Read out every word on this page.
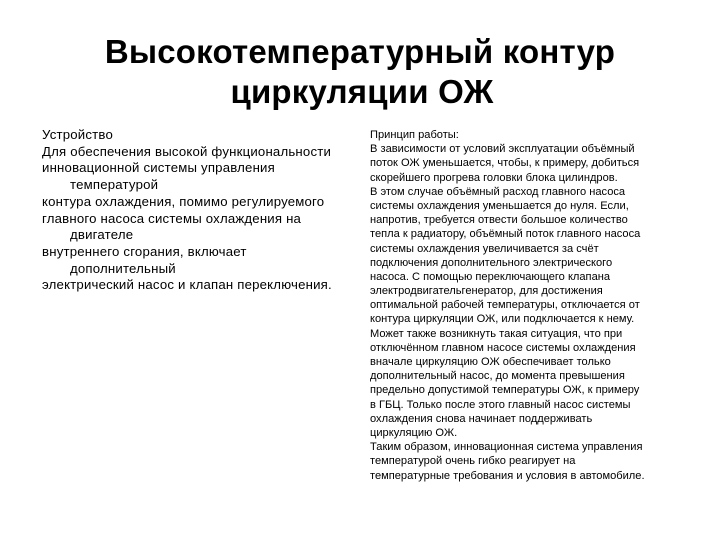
Высокотемпературный контур
циркуляции ОЖ
Устройство
Для обеспечения высокой функциональности
инновационной системы управления
температурой
контура охлаждения, помимо регулируемого
главного насоса системы охлаждения на
двигателе
внутреннего сгорания, включает
дополнительный
электрический насос и клапан переключения.
Принцип работы:
В зависимости от условий эксплуатации объёмный
поток ОЖ уменьшается, чтобы, к примеру, добиться
скорейшего прогрева головки блока цилиндров.
В этом случае объёмный расход главного насоса
системы охлаждения уменьшается до нуля. Если,
напротив, требуется отвести большое количество
тепла к радиатору, объёмный поток главного насоса
системы охлаждения увеличивается за счёт
подключения дополнительного электрического
насоса. С помощью переключающего клапана
электродвигательгенератор, для достижения
оптимальной рабочей температуры, отключается от
контура циркуляции ОЖ, или подключается к нему.
Может также возникнуть такая ситуация, что при
отключённом главном насосе системы охлаждения
вначале циркуляцию ОЖ обеспечивает только
дополнительный насос, до момента превышения
предельно допустимой температуры ОЖ, к примеру
в ГБЦ. Только после этого главный насос системы
охлаждения снова начинает поддерживать
циркуляцию ОЖ.
Таким образом, инновационная система управления
температурой очень гибко реагирует на
температурные требования и условия в автомобиле.
